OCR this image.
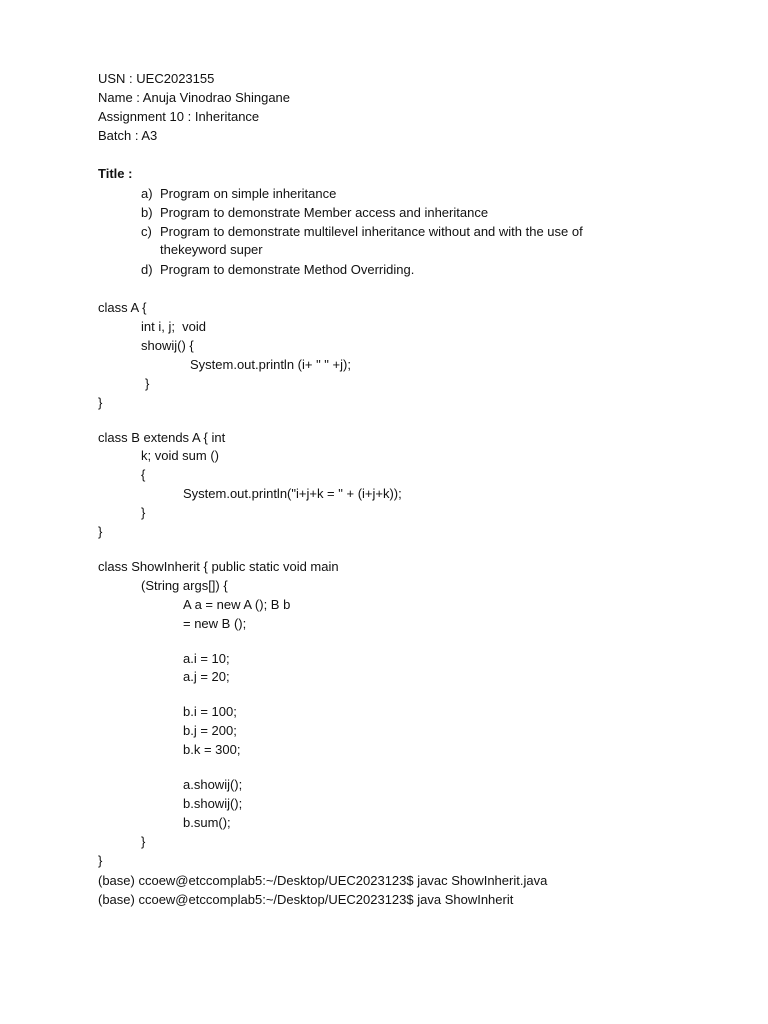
USN : UEC2023155
Name : Anuja Vinodrao Shingane
Assignment 10 : Inheritance
Batch : A3
Title :
a) Program on simple inheritance
b) Program to demonstrate Member access and inheritance
c) Program to demonstrate multilevel inheritance without and with the use of
thekeyword super
d) Program to demonstrate Method Overriding.
class A {
int i, j;  void
showij() {
System.out.println (i+ " " +j);
}
}
class B extends A { int
k; void sum ()
{
System.out.println("i+j+k = " + (i+j+k));
}
}
class ShowInherit { public static void main
(String args[]) {
A a = new A (); B b
= new B ();
a.i = 10;
a.j = 20;
b.i = 100;
b.j = 200;
b.k = 300;
a.showij();
b.showij();
b.sum();
}
}
(base) ccoew@etccomplab5:~/Desktop/UEC2023123$ javac ShowInherit.java
(base) ccoew@etccomplab5:~/Desktop/UEC2023123$ java ShowInherit
